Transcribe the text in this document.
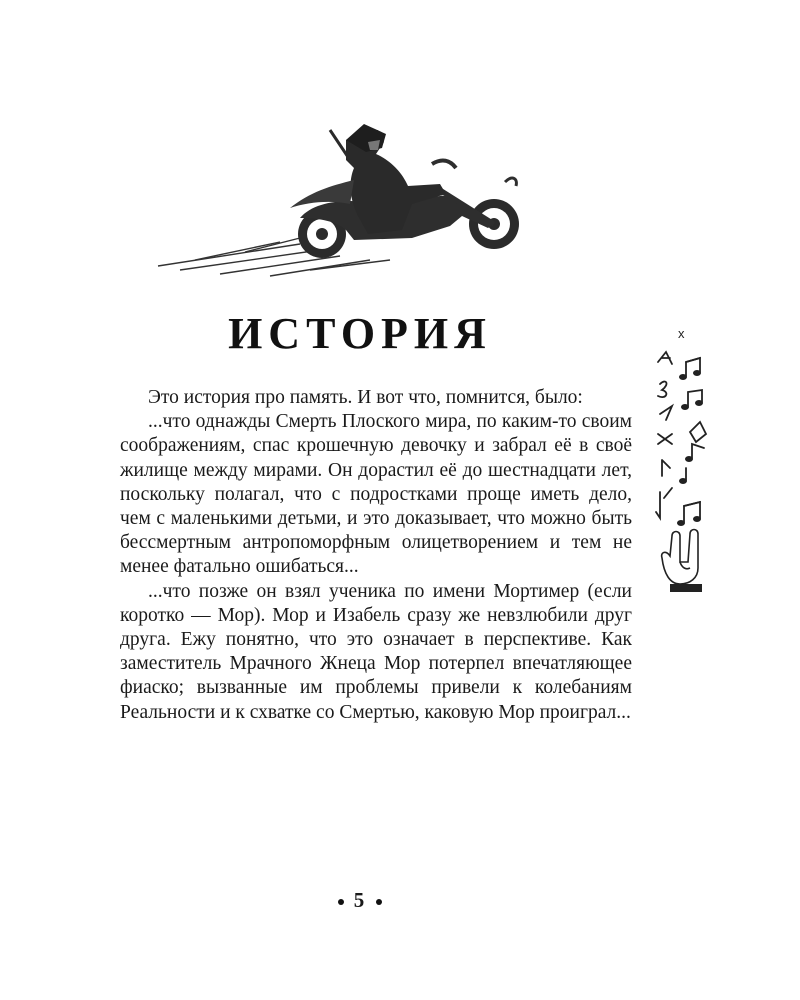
ИСТОРИЯ

Это история про память. И вот что, помнится, было:

...что однажды Смерть Плоского мира, по каким-то своим соображениям, спас крошечную девочку и забрал её в своё жилище между мирами. Он дорастил её до шестнадцати лет, поскольку полагал, что с подростками проще иметь дело, чем с маленькими детьми, и это доказывает, что можно быть бессмертным антропоморфным олицетворением и тем не менее фатально ошибаться...

...что позже он взял ученика по имени Мортимер (если коротко — Мор). Мор и Изабель сразу же невзлюбили друг друга. Ежу понятно, что это означает в перспективе. Как заместитель Мрачного Жнеца Мор потерпел впечатляющее фиаско; вызванные им проблемы привели к колебаниям Реальности и к схватке со Смертью, каковую Мор проиграл...

x
5
